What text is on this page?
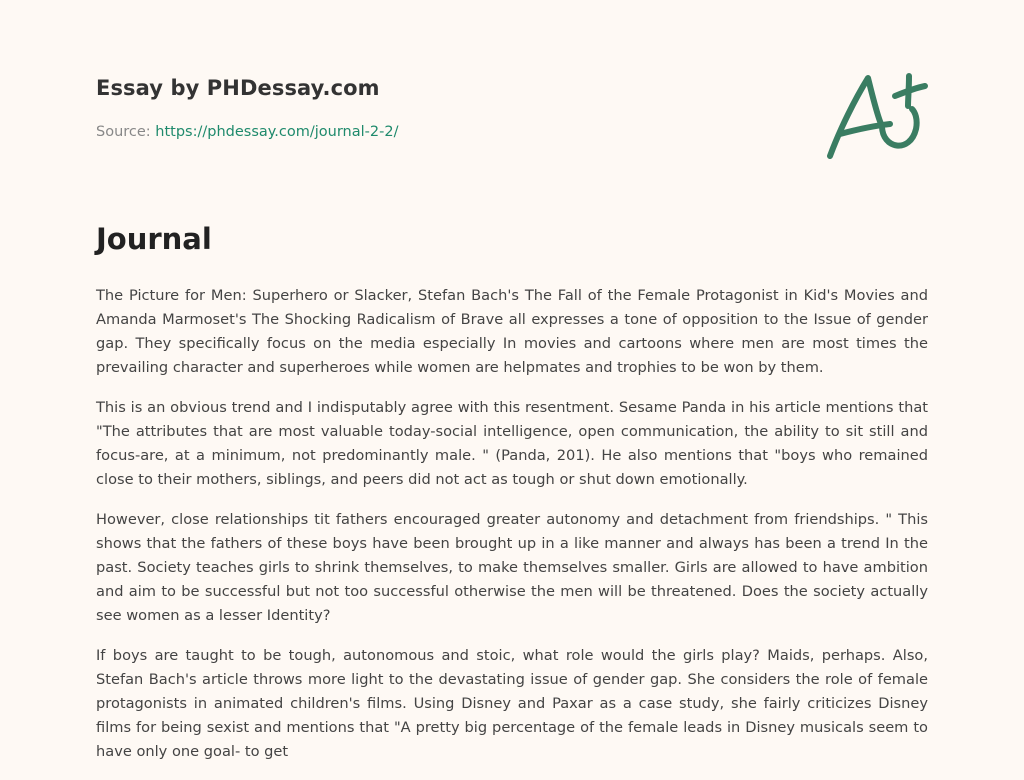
Essay by PHDessay.com
Source: https://phdessay.com/journal-2-2/
Journal

The Picture for Men: Superhero or Slacker, Stefan Bach's The Fall of the Female Protagonist in Kid's Movies and Amanda Marmoset's The Shocking Radicalism of Brave all expresses a tone of opposition to the Issue of gender gap. They specifically focus on the media especially In movies and cartoons where men are most times the prevailing character and superheroes while women are helpmates and trophies to be won by them.

This is an obvious trend and I indisputably agree with this resentment. Sesame Panda in his article mentions that "The attributes that are most valuable today-social intelligence, open communication, the ability to sit still and focus-are, at a minimum, not predominantly male. " (Panda, 201). He also mentions that "boys who remained close to their mothers, siblings, and peers did not act as tough or shut down emotionally.

However, close relationships tit fathers encouraged greater autonomy and detachment from friendships. " This shows that the fathers of these boys have been brought up in a like manner and always has been a trend In the past. Society teaches girls to shrink themselves, to make themselves smaller. Girls are allowed to have ambition and aim to be successful but not too successful otherwise the men will be threatened. Does the society actually see women as a lesser Identity?

If boys are taught to be tough, autonomous and stoic, what role would the girls play? Maids, perhaps. Also, Stefan Bach's article throws more light to the devastating issue of gender gap. She considers the role of female protagonists in animated children's films. Using Disney and Paxar as a case study, she fairly criticizes Disney films for being sexist and mentions that "A pretty big percentage of the female leads in Disney musicals seem to have only one goal- to get
